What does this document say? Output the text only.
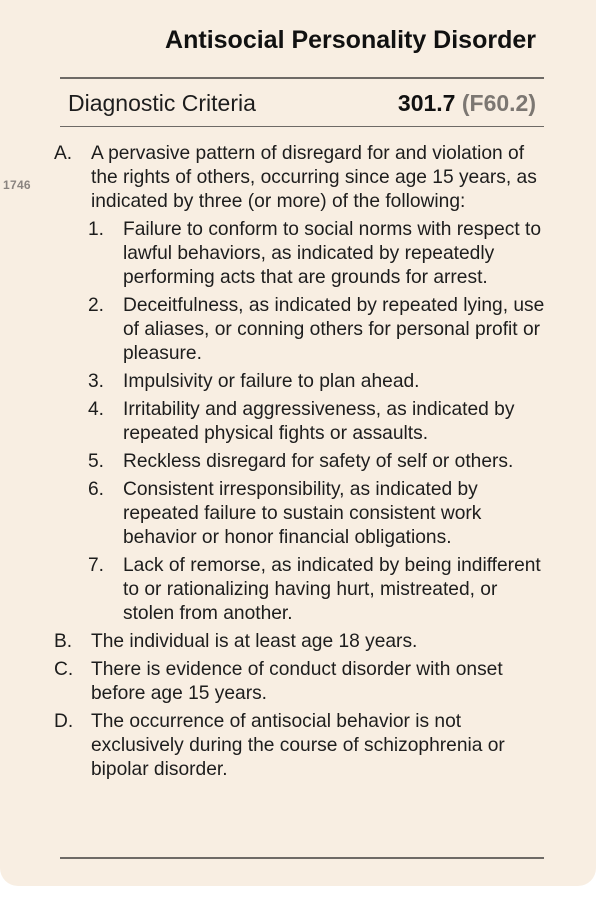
1746
Antisocial Personality Disorder
Diagnostic Criteria	301.7 (F60.2)
A. A pervasive pattern of disregard for and violation of the rights of others, occurring since age 15 years, as indicated by three (or more) of the following:
1. Failure to conform to social norms with respect to lawful behaviors, as indicated by repeatedly performing acts that are grounds for arrest.
2. Deceitfulness, as indicated by repeated lying, use of aliases, or conning others for personal profit or pleasure.
3. Impulsivity or failure to plan ahead.
4. Irritability and aggressiveness, as indicated by repeated physical fights or assaults.
5. Reckless disregard for safety of self or others.
6. Consistent irresponsibility, as indicated by repeated failure to sustain consistent work behavior or honor financial obligations.
7. Lack of remorse, as indicated by being indifferent to or rationalizing having hurt, mistreated, or stolen from another.
B. The individual is at least age 18 years.
C. There is evidence of conduct disorder with onset before age 15 years.
D. The occurrence of antisocial behavior is not exclusively during the course of schizophrenia or bipolar disorder.
